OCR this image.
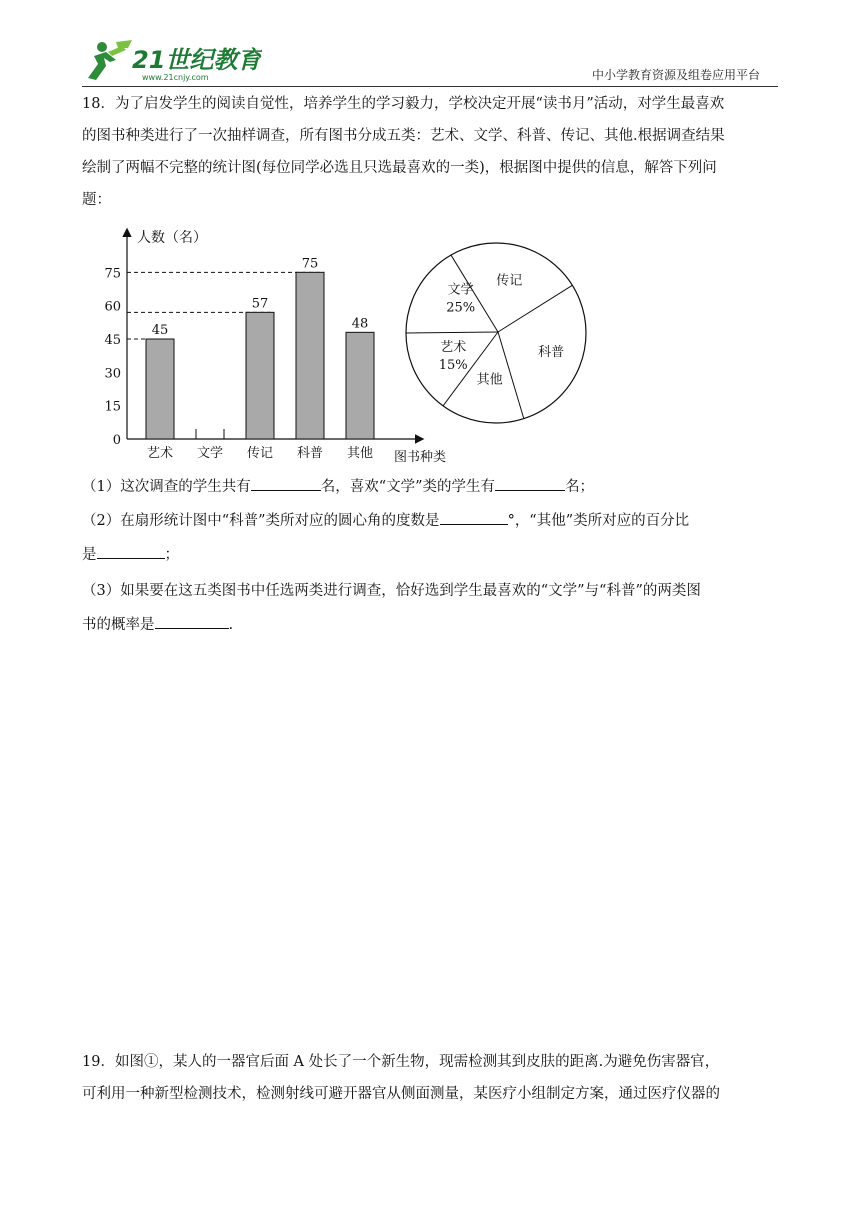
21世纪教育
www.21cnjy.com	中小学教育资源及组卷应用平台
18．为了启发学生的阅读自觉性，培养学生的学习毅力，学校决定开展“读书月”活动，对学生最喜欢
的图书种类进行了一次抽样调查，所有图书分成五类：艺术、文学、科普、传记、其他.根据调查结果
绘制了两幅不完整的统计图(每位同学必选且只选最喜欢的一类)，根据图中提供的信息，解答下列问
题：
人数（名）
图书种类
0
15
30
45
60
75
45
艺术 文学
57
传记
75
科普
48
其他
传记
科普
其他
艺术
15%
文学
25%
（1）这次调查的学生共有	名，喜欢“文学”类的学生有	名；
（2）在扇形统计图中“科普”类所对应的圆心角的度数是	°，“其他”类所对应的百分比
是	；
（3）如果要在这五类图书中任选两类进行调查，恰好选到学生最喜欢的“文学”与“科普”的两类图
书的概率是	.
19．如图①，某人的一器官后面 A 处长了一个新生物，现需检测其到皮肤的距离.为避免伤害器官，
可利用一种新型检测技术，检测射线可避开器官从侧面测量，某医疗小组制定方案，通过医疗仪器的
